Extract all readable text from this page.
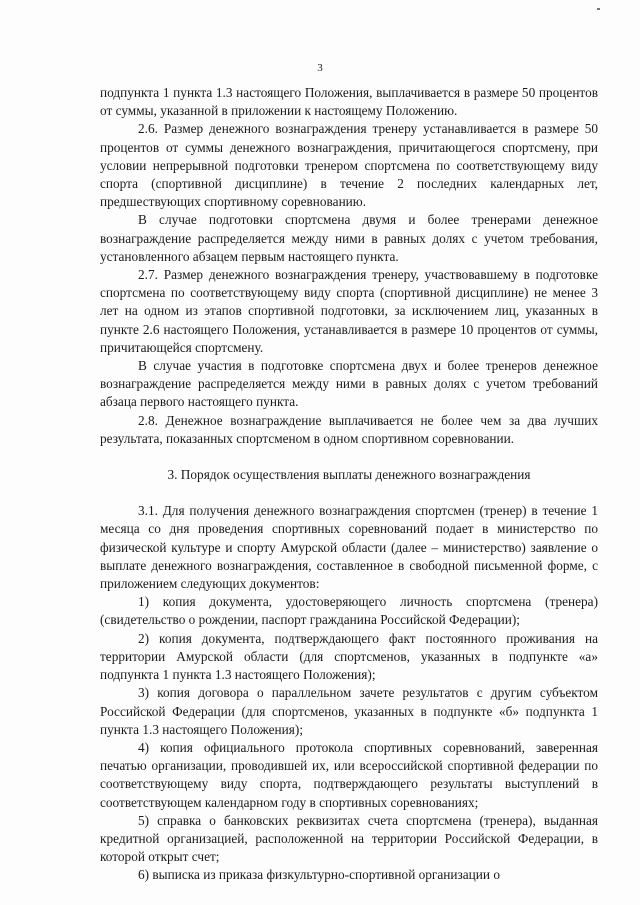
3

подпункта 1 пункта 1.3 настоящего Положения, выплачивается в размере 50 процентов от суммы, указанной в приложении к настоящему Положению.

2.6. Размер денежного вознаграждения тренеру устанавливается в размере 50 процентов от суммы денежного вознаграждения, причитающегося спортсмену, при условии непрерывной подготовки тренером спортсмена по соответствующему виду спорта (спортивной дисциплине) в течение 2 последних календарных лет, предшествующих спортивному соревнованию.

В случае подготовки спортсмена двумя и более тренерами денежное вознаграждение распределяется между ними в равных долях с учетом требования, установленного абзацем первым настоящего пункта.

2.7. Размер денежного вознаграждения тренеру, участвовавшему в подготовке спортсмена по соответствующему виду спорта (спортивной дисциплине) не менее 3 лет на одном из этапов спортивной подготовки, за исключением лиц, указанных в пункте 2.6 настоящего Положения, устанавливается в размере 10 процентов от суммы, причитающейся спортсмену.

В случае участия в подготовке спортсмена двух и более тренеров денежное вознаграждение распределяется между ними в равных долях с учетом требований абзаца первого настоящего пункта.

2.8. Денежное вознаграждение выплачивается не более чем за два лучших результата, показанных спортсменом в одном спортивном соревновании.

3. Порядок осуществления выплаты денежного вознаграждения

3.1. Для получения денежного вознаграждения спортсмен (тренер) в течение 1 месяца со дня проведения спортивных соревнований подает в министерство по физической культуре и спорту Амурской области (далее – министерство) заявление о выплате денежного вознаграждения, составленное в свободной письменной форме, с приложением следующих документов:

1) копия документа, удостоверяющего личность спортсмена (тренера) (свидетельство о рождении, паспорт гражданина Российской Федерации);

2) копия документа, подтверждающего факт постоянного проживания на территории Амурской области (для спортсменов, указанных в подпункте «а» подпункта 1 пункта 1.3 настоящего Положения);

3) копия договора о параллельном зачете результатов с другим субъектом Российской Федерации (для спортсменов, указанных в подпункте «б» подпункта 1 пункта 1.3 настоящего Положения);

4) копия официального протокола спортивных соревнований, заверенная печатью организации, проводившей их, или всероссийской спортивной федерации по соответствующему виду спорта, подтверждающего результаты выступлений в соответствующем календарном году в спортивных соревнованиях;

5) справка о банковских реквизитах счета спортсмена (тренера), выданная кредитной организацией, расположенной на территории Российской Федерации, в которой открыт счет;

6) выписка из приказа физкультурно-спортивной организации о
